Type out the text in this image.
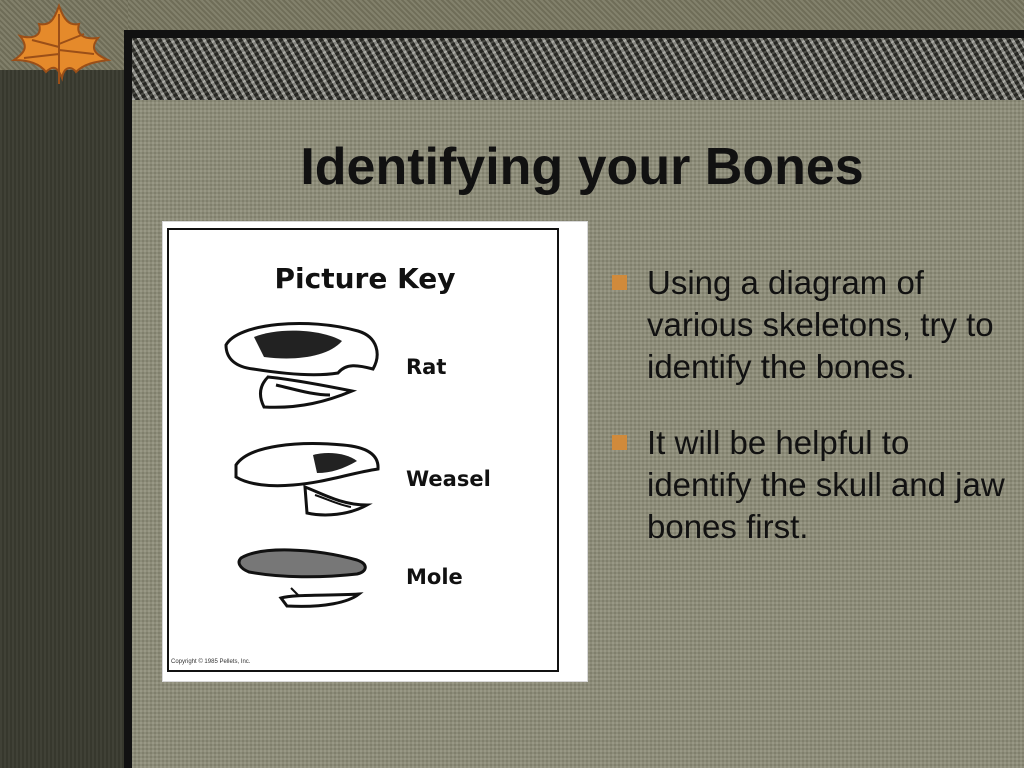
Identifying your Bones
Picture Key
Rat
Weasel
Mole
Copyright © 1985 Pellets, Inc.
Using a diagram of various skeletons, try to identify the bones.
It will be helpful to identify the skull and jaw bones first.
